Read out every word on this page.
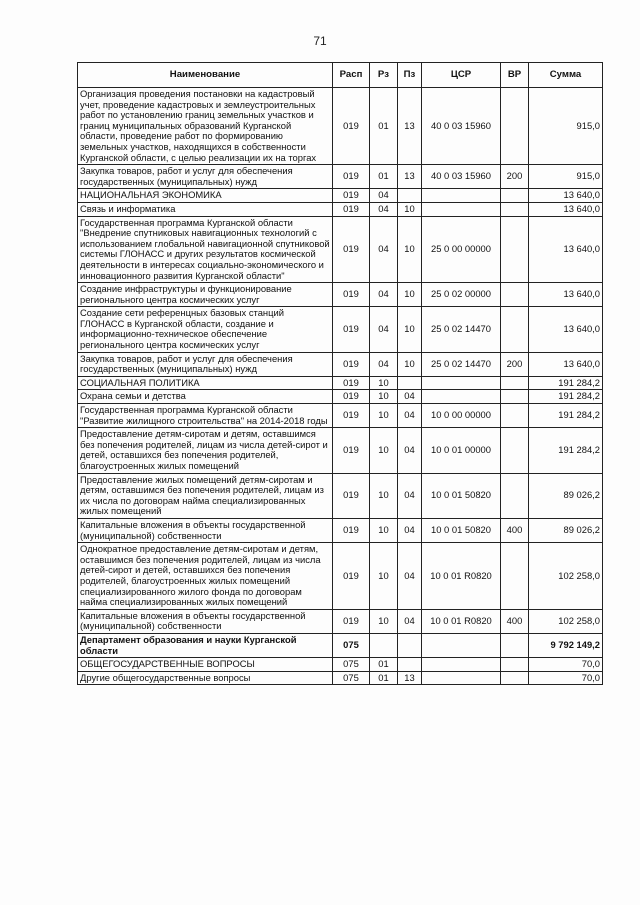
71
Наименование	Расп	Рз	Пз	ЦСР	ВР	Сумма
Организация проведения постановки на кадастровый учет, проведение кадастровых и землеустроительных работ по установлению границ земельных участков и границ муниципальных образований Курганской области, проведение работ по формированию земельных участков, находящихся в собственности Курганской области, с целью реализации их на торгах	019	01	13	40 0 03 15960		915,0
Закупка товаров, работ и услуг для обеспечения государственных (муниципальных) нужд	019	01	13	40 0 03 15960	200	915,0
НАЦИОНАЛЬНАЯ ЭКОНОМИКА	019	04				13 640,0
Связь и информатика	019	04	10			13 640,0
Государственная программа Курганской области "Внедрение спутниковых навигационных технологий с использованием глобальной навигационной спутниковой системы ГЛОНАСС и других результатов космической деятельности в интересах социально-экономического и инновационного развития Курганской области"	019	04	10	25 0 00 00000		13 640,0
Создание инфраструктуры и функционирование регионального центра космических услуг	019	04	10	25 0 02 00000		13 640,0
Создание сети референцных базовых станций ГЛОНАСС в Курганской области, создание и информационно-техническое обеспечение регионального центра космических услуг	019	04	10	25 0 02 14470		13 640,0
Закупка товаров, работ и услуг для обеспечения государственных (муниципальных) нужд	019	04	10	25 0 02 14470	200	13 640,0
СОЦИАЛЬНАЯ ПОЛИТИКА	019	10				191 284,2
Охрана семьи и детства	019	10	04			191 284,2
Государственная программа Курганской области "Развитие жилищного строительства" на 2014-2018 годы	019	10	04	10 0 00 00000		191 284,2
Предоставление детям-сиротам и детям, оставшимся без попечения родителей, лицам из числа детей-сирот и детей, оставшихся без попечения родителей, благоустроенных жилых помещений	019	10	04	10 0 01 00000		191 284,2
Предоставление жилых помещений детям-сиротам и детям, оставшимся без попечения родителей, лицам из их числа по договорам найма специализированных жилых помещений	019	10	04	10 0 01 50820		89 026,2
Капитальные вложения в объекты государственной (муниципальной) собственности	019	10	04	10 0 01 50820	400	89 026,2
Однократное предоставление детям-сиротам и детям, оставшимся без попечения родителей, лицам из числа детей-сирот и детей, оставшихся без попечения родителей, благоустроенных жилых помещений специализированного жилого фонда по договорам найма специализированных жилых помещений	019	10	04	10 0 01 R0820		102 258,0
Капитальные вложения в объекты государственной (муниципальной) собственности	019	10	04	10 0 01 R0820	400	102 258,0
Департамент образования и науки Курганской области	075					9 792 149,2
ОБЩЕГОСУДАРСТВЕННЫЕ ВОПРОСЫ	075	01				70,0
Другие общегосударственные вопросы	075	01	13			70,0
